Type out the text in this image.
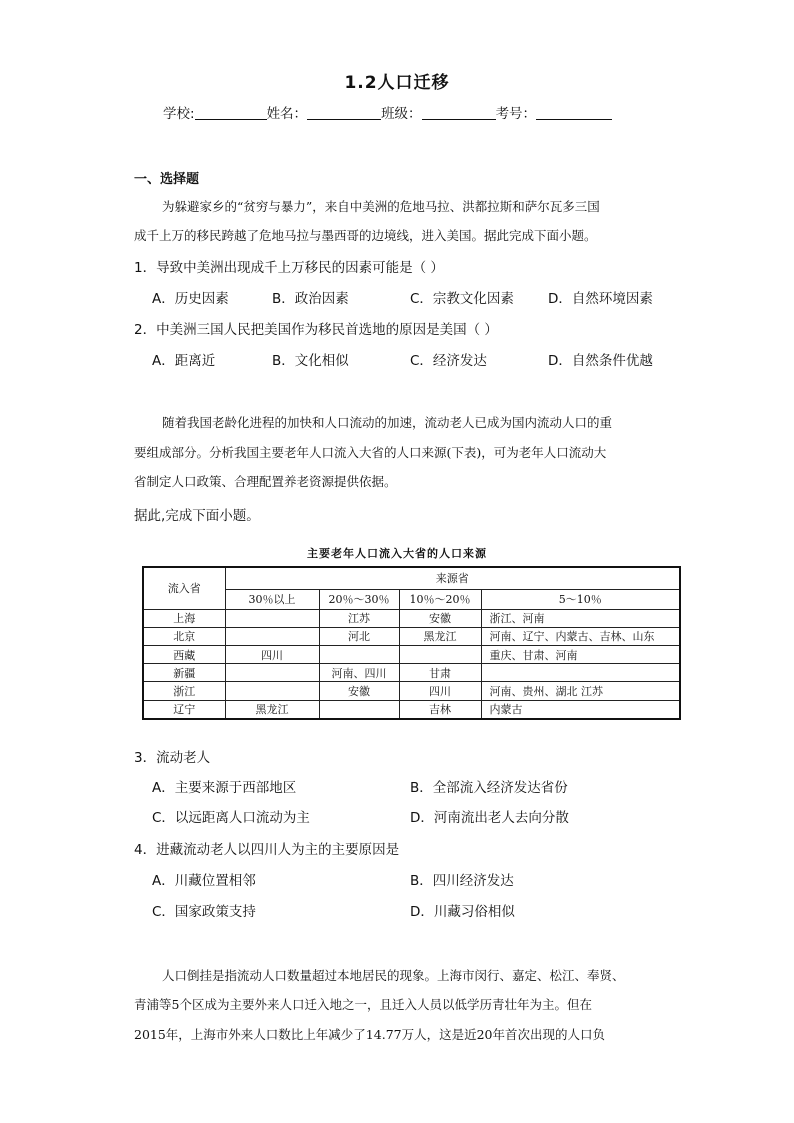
1.2人口迁移
学校:	姓名：	班级：	考号：
一、选择题
为躲避家乡的“贫穷与暴力”，来自中美洲的危地马拉、洪都拉斯和萨尔瓦多三国
成千上万的移民跨越了危地马拉与墨西哥的边境线，进入美国。据此完成下面小题。
1．导致中美洲出现成千上万移民的因素可能是（ ）
A．历史因素	B．政治因素	C．宗教文化因素	D．自然环境因素
2．中美洲三国人民把美国作为移民首选地的原因是美国（ ）
A．距离近	B．文化相似	C．经济发达	D．自然条件优越
随着我国老龄化进程的加快和人口流动的加速，流动老人已成为国内流动人口的重
要组成部分。分析我国主要老年人口流入大省的人口来源(下表)，可为老年人口流动大
省制定人口政策、合理配置养老资源提供依据。
据此,完成下面小题。
主要老年人口流入大省的人口来源
流入省	来源省			
	30％以上	20％～30％	10％～20％	5～10％
上海		江苏	安徽	浙江、河南
北京		河北	黑龙江	河南、辽宁、内蒙古、吉林、山东
西藏	四川			重庆、甘肃、河南
新疆		河南、四川	甘肃	
浙江		安徽	四川	河南、贵州、湖北 江苏
辽宁	黑龙江		吉林	内蒙古
3．流动老人
A．主要来源于西部地区	B．全部流入经济发达省份
C．以远距离人口流动为主	D．河南流出老人去向分散
4．进藏流动老人以四川人为主的主要原因是
A．川藏位置相邻	B．四川经济发达
C．国家政策支持	D．川藏习俗相似
人口倒挂是指流动人口数量超过本地居民的现象。上海市闵行、嘉定、松江、奉贤、
青浦等5个区成为主要外来人口迁入地之一，且迁入人员以低学历青壮年为主。但在
2015年，上海市外来人口数比上年减少了14.77万人，这是近20年首次出现的人口负
